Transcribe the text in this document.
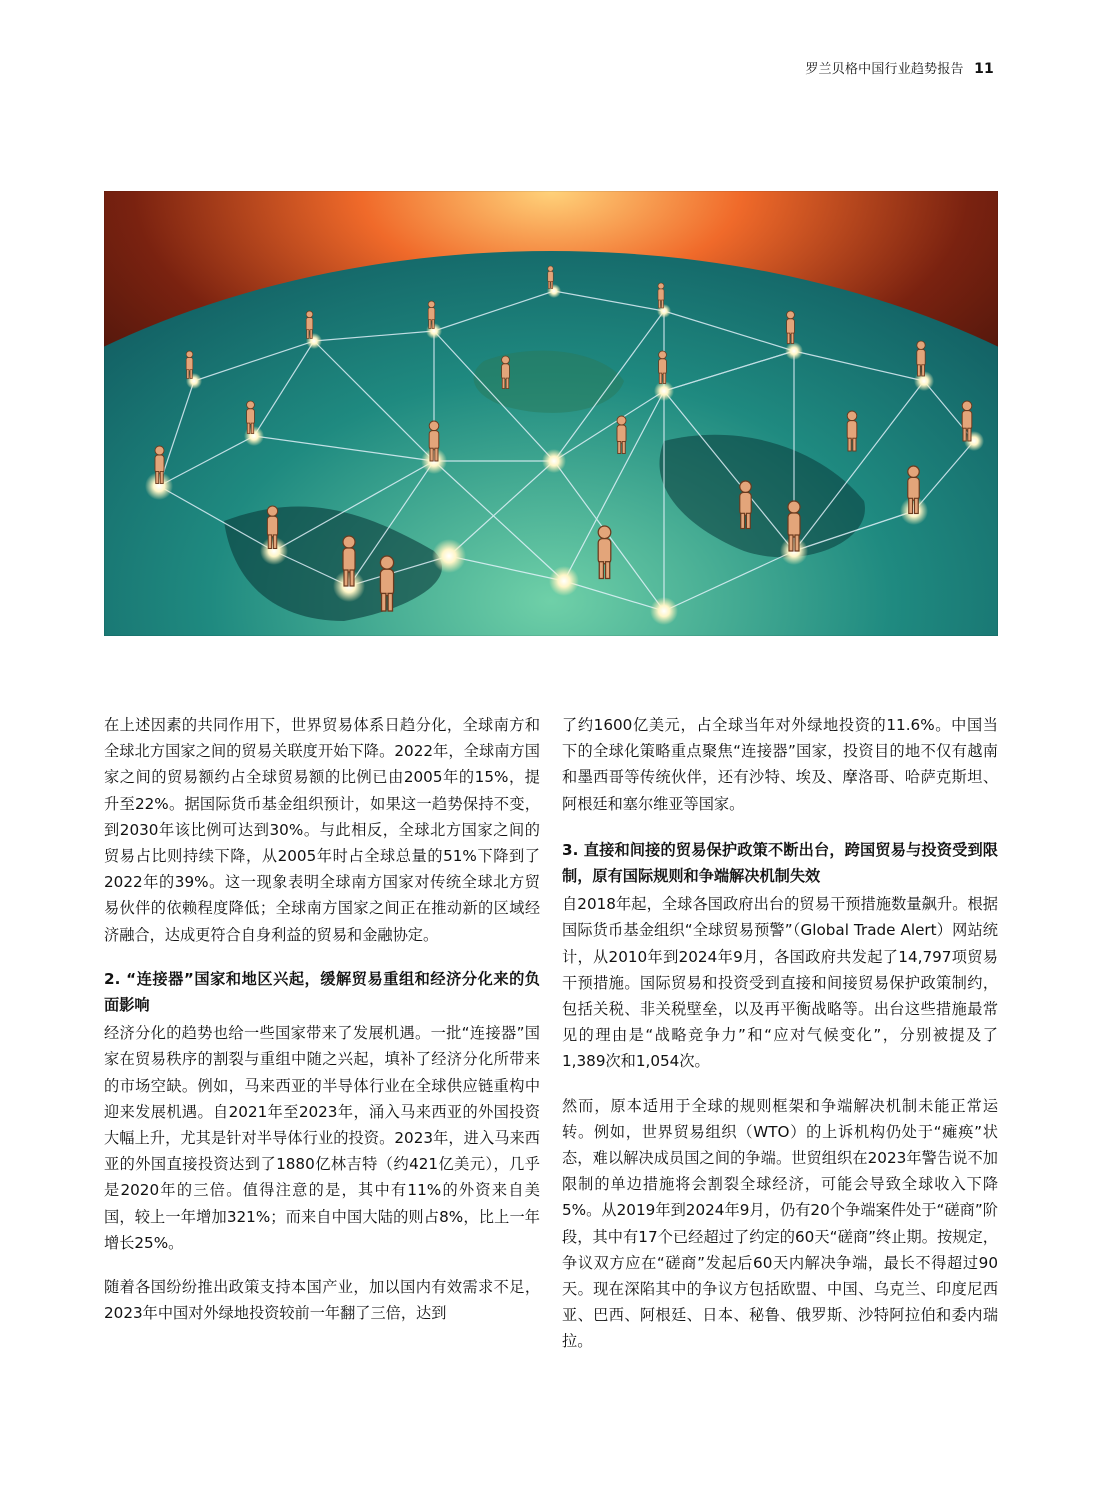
罗兰贝格中国行业趋势报告 11

在上述因素的共同作用下，世界贸易体系日趋分化，全球南方和全球北方国家之间的贸易关联度开始下降。2022年，全球南方国家之间的贸易额约占全球贸易额的比例已由2005年的15%，提升至22%。据国际货币基金组织预计，如果这一趋势保持不变，到2030年该比例可达到30%。与此相反，全球北方国家之间的贸易占比则持续下降，从2005年时占全球总量的51%下降到了2022年的39%。这一现象表明全球南方国家对传统全球北方贸易伙伴的依赖程度降低；全球南方国家之间正在推动新的区域经济融合，达成更符合自身利益的贸易和金融协定。

2. “连接器”国家和地区兴起，缓解贸易重组和经济分化来的负面影响

经济分化的趋势也给一些国家带来了发展机遇。一批“连接器”国家在贸易秩序的割裂与重组中随之兴起，填补了经济分化所带来的市场空缺。例如，马来西亚的半导体行业在全球供应链重构中迎来发展机遇。自2021年至2023年，涌入马来西亚的外国投资大幅上升，尤其是针对半导体行业的投资。2023年，进入马来西亚的外国直接投资达到了1880亿林吉特（约421亿美元），几乎是2020年的三倍。值得注意的是，其中有11%的外资来自美国，较上一年增加321%；而来自中国大陆的则占8%，比上一年增长25%。

随着各国纷纷推出政策支持本国产业，加以国内有效需求不足，2023年中国对外绿地投资较前一年翻了三倍，达到

了约1600亿美元，占全球当年对外绿地投资的11.6%。中国当下的全球化策略重点聚焦“连接器”国家，投资目的地不仅有越南和墨西哥等传统伙伴，还有沙特、埃及、摩洛哥、哈萨克斯坦、阿根廷和塞尔维亚等国家。

3. 直接和间接的贸易保护政策不断出台，跨国贸易与投资受到限制，原有国际规则和争端解决机制失效

自2018年起，全球各国政府出台的贸易干预措施数量飙升。根据国际货币基金组织“全球贸易预警”（Global Trade Alert）网站统计，从2010年到2024年9月，各国政府共发起了14,797项贸易干预措施。国际贸易和投资受到直接和间接贸易保护政策制约，包括关税、非关税壁垒，以及再平衡战略等。出台这些措施最常见的理由是“战略竞争力”和“应对气候变化”，分别被提及了1,389次和1,054次。

然而，原本适用于全球的规则框架和争端解决机制未能正常运转。例如，世界贸易组织（WTO）的上诉机构仍处于“瘫痪”状态，难以解决成员国之间的争端。世贸组织在2023年警告说不加限制的单边措施将会割裂全球经济，可能会导致全球收入下降5%。从2019年到2024年9月，仍有20个争端案件处于“磋商”阶段，其中有17个已经超过了约定的60天“磋商”终止期。按规定，争议双方应在“磋商”发起后60天内解决争端，最长不得超过90天。现在深陷其中的争议方包括欧盟、中国、乌克兰、印度尼西亚、巴西、阿根廷、日本、秘鲁、俄罗斯、沙特阿拉伯和委内瑞拉。
